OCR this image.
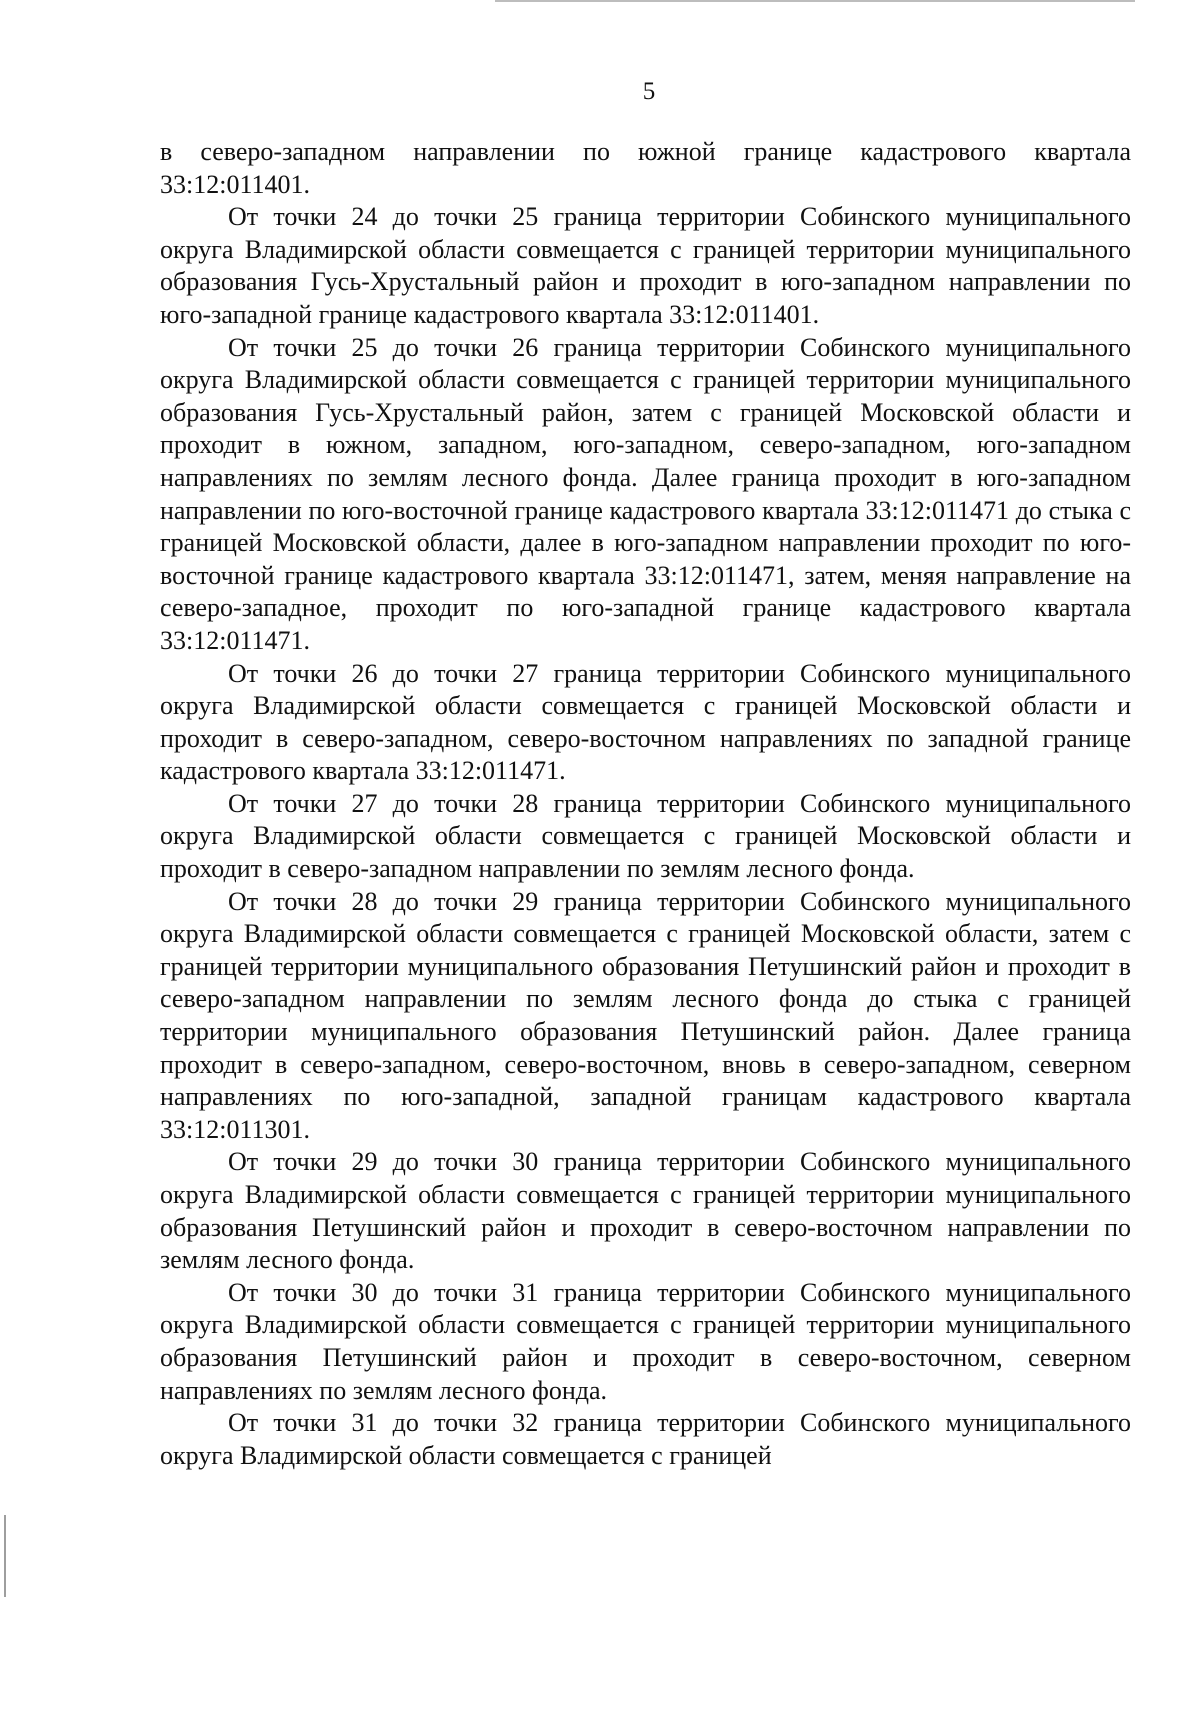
5

в северо-западном направлении по южной границе кадастрового квартала 33:12:011401.

От точки 24 до точки 25 граница территории Собинского муниципального округа Владимирской области совмещается с границей территории муниципального образования Гусь-Хрустальный район и проходит в юго-западном направлении по юго-западной границе кадастрового квартала 33:12:011401.

От точки 25 до точки 26 граница территории Собинского муниципального округа Владимирской области совмещается с границей территории муниципального образования Гусь-Хрустальный район, затем с границей Московской области и проходит в южном, западном, юго-западном, северо-западном, юго-западном направлениях по землям лесного фонда. Далее граница проходит в юго-западном направлении по юго-восточной границе кадастрового квартала 33:12:011471 до стыка с границей Московской области, далее в юго-западном направлении проходит по юго-восточной границе кадастрового квартала 33:12:011471, затем, меняя направление на северо-западное, проходит по юго-западной границе кадастрового квартала 33:12:011471.

От точки 26 до точки 27 граница территории Собинского муниципального округа Владимирской области совмещается с границей Московской области и проходит в северо-западном, северо-восточном направлениях по западной границе кадастрового квартала 33:12:011471.

От точки 27 до точки 28 граница территории Собинского муниципального округа Владимирской области совмещается с границей Московской области и проходит в северо-западном направлении по землям лесного фонда.

От точки 28 до точки 29 граница территории Собинского муниципального округа Владимирской области совмещается с границей Московской области, затем с границей территории муниципального образования Петушинский район и проходит в северо-западном направлении по землям лесного фонда до стыка с границей территории муниципального образования Петушинский район. Далее граница проходит в северо-западном, северо-восточном, вновь в северо-западном, северном направлениях по юго-западной, западной границам кадастрового квартала 33:12:011301.

От точки 29 до точки 30 граница территории Собинского муниципального округа Владимирской области совмещается с границей территории муниципального образования Петушинский район и проходит в северо-восточном направлении по землям лесного фонда.

От точки 30 до точки 31 граница территории Собинского муниципального округа Владимирской области совмещается с границей территории муниципального образования Петушинский район и проходит в северо-восточном, северном направлениях по землям лесного фонда.

От точки 31 до точки 32 граница территории Собинского муниципального округа Владимирской области совмещается с границей
